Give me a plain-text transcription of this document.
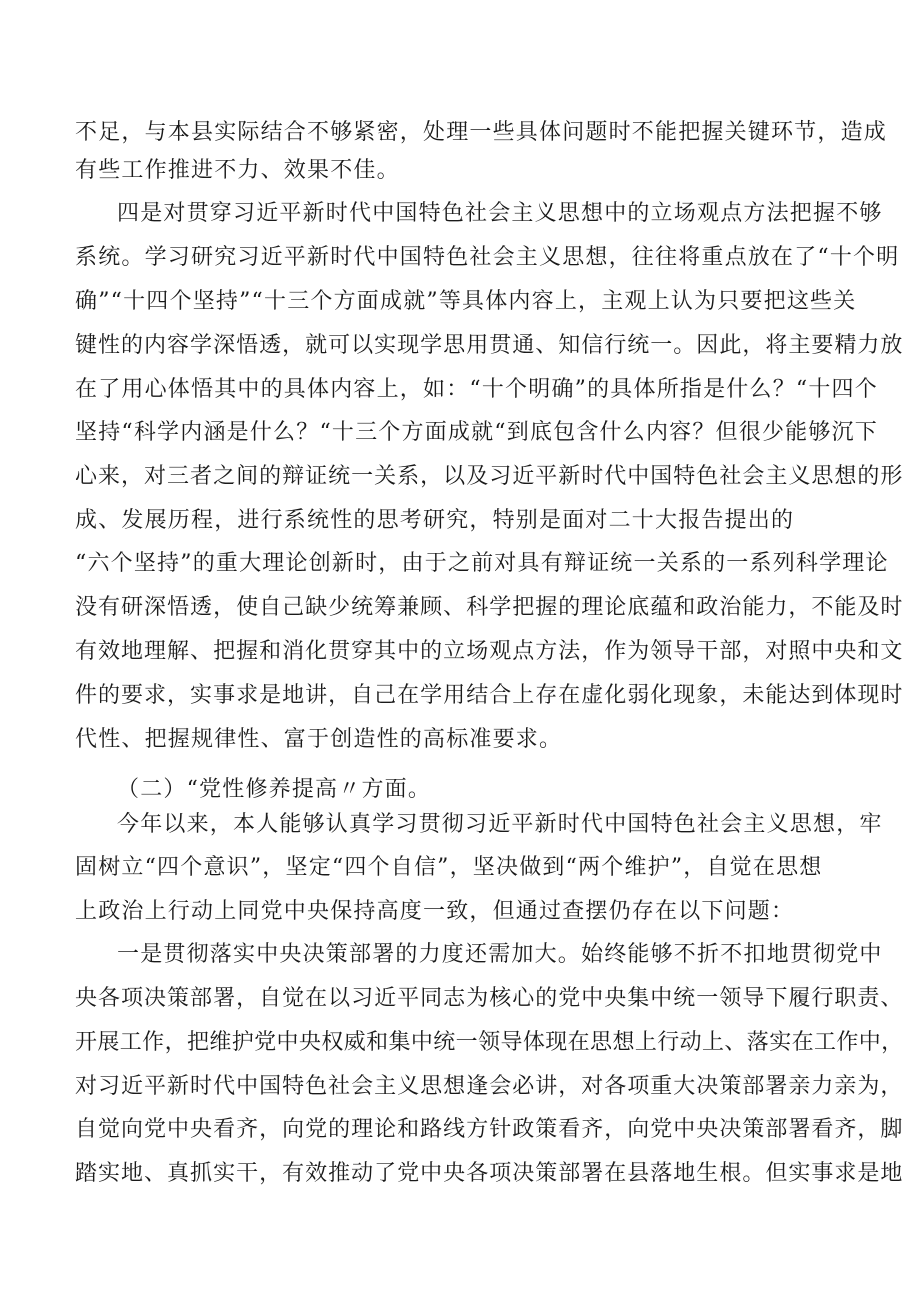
不足，与本县实际结合不够紧密，处理一些具体问题时不能把握关键环节，造成
有些工作推进不力、效果不佳。
四是对贯穿习近平新时代中国特色社会主义思想中的立场观点方法把握不够
系统。学习研究习近平新时代中国特色社会主义思想，往往将重点放在了“十个明
确”“十四个坚持”“十三个方面成就”等具体内容上，主观上认为只要把这些关
键性的内容学深悟透，就可以实现学思用贯通、知信行统一。因此，将主要精力放
在了用心体悟其中的具体内容上，如：“十个明确”的具体所指是什么？“十四个
坚持“科学内涵是什么？“十三个方面成就“到底包含什么内容？但很少能够沉下
心来，对三者之间的辩证统一关系，以及习近平新时代中国特色社会主义思想的形
成、发展历程，进行系统性的思考研究，特别是面对二十大报告提出的
“六个坚持”的重大理论创新时，由于之前对具有辩证统一关系的一系列科学理论
没有研深悟透，使自己缺少统筹兼顾、科学把握的理论底蕴和政治能力，不能及时
有效地理解、把握和消化贯穿其中的立场观点方法，作为领导干部，对照中央和文
件的要求，实事求是地讲，自己在学用结合上存在虚化弱化现象，未能达到体现时
代性、把握规律性、富于创造性的高标准要求。
（二）“党性修养提高〃方面。
今年以来，本人能够认真学习贯彻习近平新时代中国特色社会主义思想，牢
固树立“四个意识”，坚定“四个自信”，坚决做到“两个维护”，自觉在思想
上政治上行动上同党中央保持高度一致，但通过查摆仍存在以下问题：
一是贯彻落实中央决策部署的力度还需加大。始终能够不折不扣地贯彻党中
央各项决策部署，自觉在以习近平同志为核心的党中央集中统一领导下履行职责、
开展工作，把维护党中央权威和集中统一领导体现在思想上行动上、落实在工作中，
对习近平新时代中国特色社会主义思想逢会必讲，对各项重大决策部署亲力亲为，
自觉向党中央看齐，向党的理论和路线方针政策看齐，向党中央决策部署看齐，脚
踏实地、真抓实干，有效推动了党中央各项决策部署在县落地生根。但实事求是地
